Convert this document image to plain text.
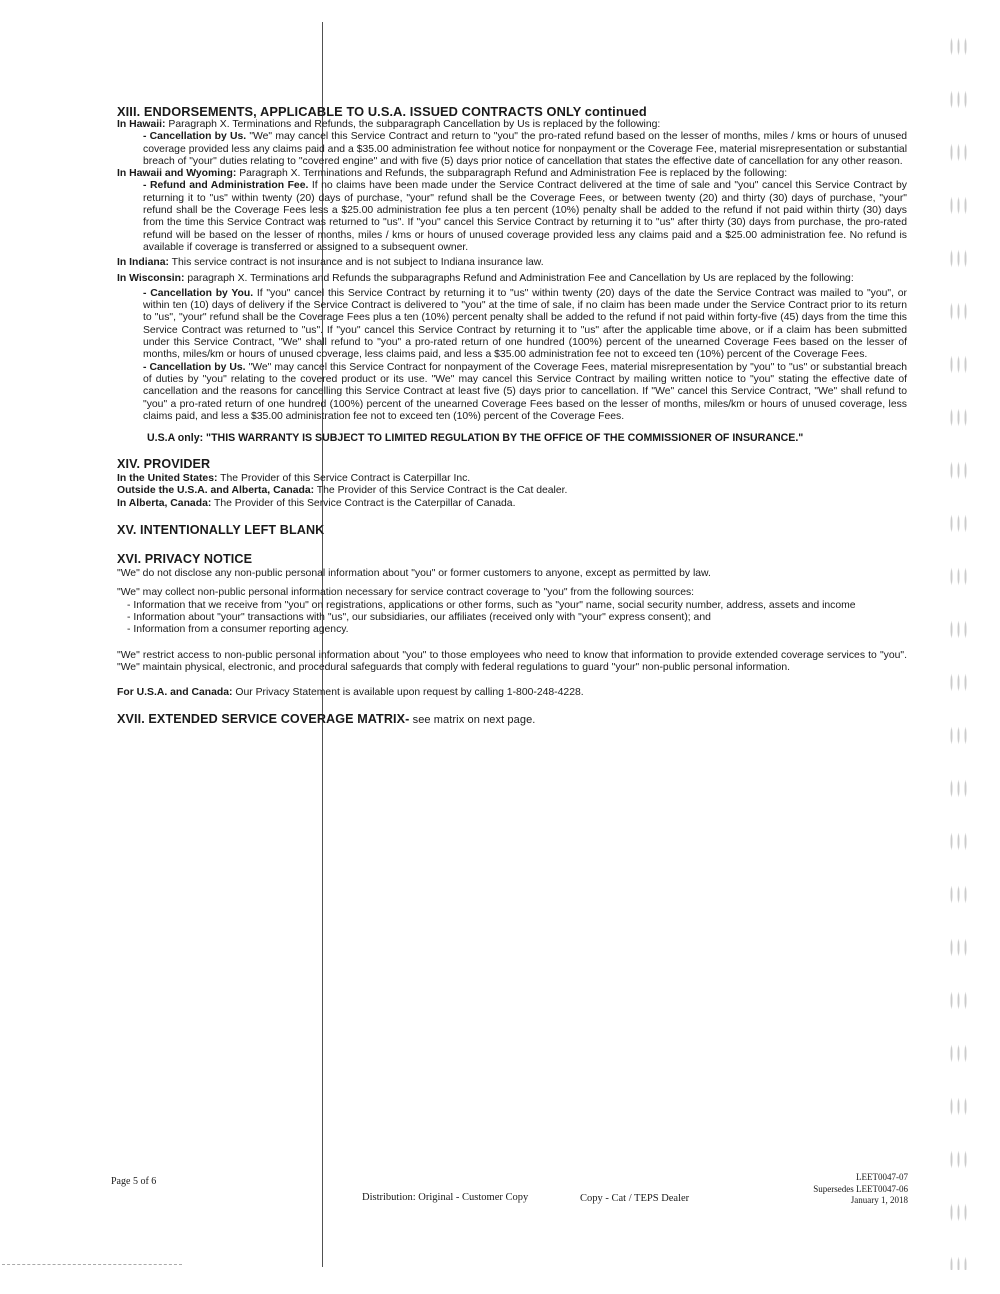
XIII. ENDORSEMENTS, APPLICABLE TO U.S.A. ISSUED CONTRACTS ONLY continued

In Hawaii: Paragraph X. Terminations and Refunds, the subparagraph Cancellation by Us is replaced by the following:

- Cancellation by Us. "We" may cancel this Service Contract and return to "you" the pro-rated refund based on the lesser of months, miles / kms or hours of unused coverage provided less any claims paid and a $35.00 administration fee without notice for nonpayment or the Coverage Fee, material misrepresentation or substantial breach of "your" duties relating to "covered engine" and with five (5) days prior notice of cancellation that states the effective date of cancellation for any other reason.

In Hawaii and Wyoming: Paragraph X. Terminations and Refunds, the subparagraph Refund and Administration Fee is replaced by the following:

- Refund and Administration Fee. If no claims have been made under the Service Contract delivered at the time of sale and "you" cancel this Service Contract by returning it to "us" within twenty (20) days of purchase, "your" refund shall be the Coverage Fees, or between twenty (20) and thirty (30) days of purchase, "your" refund shall be the Coverage Fees less a $25.00 administration fee plus a ten percent (10%) penalty shall be added to the refund if not paid within thirty (30) days from the time this Service Contract was returned to "us". If "you" cancel this Service Contract by returning it to "us" after thirty (30) days from purchase, the pro-rated refund will be based on the lesser of months, miles / kms or hours of unused coverage provided less any claims paid and a $25.00 administration fee. No refund is available if coverage is transferred or assigned to a subsequent owner.

In Indiana: This service contract is not insurance and is not subject to Indiana insurance law.

In Wisconsin: paragraph X. Terminations and Refunds the subparagraphs Refund and Administration Fee and Cancellation by Us are replaced by the following:

- Cancellation by You. If "you" cancel this Service Contract by returning it to "us" within twenty (20) days of the date the Service Contract was mailed to "you", or within ten (10) days of delivery if the Service Contract is delivered to "you" at the time of sale, if no claim has been made under the Service Contract prior to its return to "us", "your" refund shall be the Coverage Fees plus a ten (10%) percent penalty shall be added to the refund if not paid within forty-five (45) days from the time this Service Contract was returned to "us". If "you" cancel this Service Contract by returning it to "us" after the applicable time above, or if a claim has been submitted under this Service Contract, "We" shall refund to "you" a pro-rated return of one hundred (100%) percent of the unearned Coverage Fees based on the lesser of months, miles/km or hours of unused coverage, less claims paid, and less a $35.00 administration fee not to exceed ten (10%) percent of the Coverage Fees.

- Cancellation by Us. "We" may cancel this Service Contract for nonpayment of the Coverage Fees, material misrepresentation by "you" to "us" or substantial breach of duties by "you" relating to the covered product or its use. "We" may cancel this Service Contract by mailing written notice to "you" stating the effective date of cancellation and the reasons for cancelling this Service Contract at least five (5) days prior to cancellation. If "We" cancel this Service Contract, "We" shall refund to "you" a pro-rated return of one hundred (100%) percent of the unearned Coverage Fees based on the lesser of months, miles/km or hours of unused coverage, less claims paid, and less a $35.00 administration fee not to exceed ten (10%) percent of the Coverage Fees.

U.S.A only: "THIS WARRANTY IS SUBJECT TO LIMITED REGULATION BY THE OFFICE OF THE COMMISSIONER OF INSURANCE."
XIV. PROVIDER

In the United States: The Provider of this Service Contract is Caterpillar Inc.

Outside the U.S.A. and Alberta, Canada: The Provider of this Service Contract is the Cat dealer.

In Alberta, Canada: The Provider of this Service Contract is the Caterpillar of Canada.

XV. INTENTIONALLY LEFT BLANK
XVI. PRIVACY NOTICE

"We" do not disclose any non-public personal information about "you" or former customers to anyone, except as permitted by law.

"We" may collect non-public personal information necessary for service contract coverage to "you" from the following sources:

- Information that we receive from "you" on registrations, applications or other forms, such as "your" name, social security number, address, assets and income

- Information about "your" transactions with "us", our subsidiaries, our affiliates (received only with "your" express consent); and

- Information from a consumer reporting agency.

"We" restrict access to non-public personal information about "you" to those employees who need to know that information to provide extended coverage services to "you". "We" maintain physical, electronic, and procedural safeguards that comply with federal regulations to guard "your" non-public personal information.

For U.S.A. and Canada: Our Privacy Statement is available upon request by calling 1-800-248-4228.

XVII. EXTENDED SERVICE COVERAGE MATRIX- see matrix on next page.
Page 5 of 6
Distribution: Original - Customer Copy	Copy - Cat / TEPS Dealer
LEET0047-07
Supersedes LEET0047-06
January 1, 2018
